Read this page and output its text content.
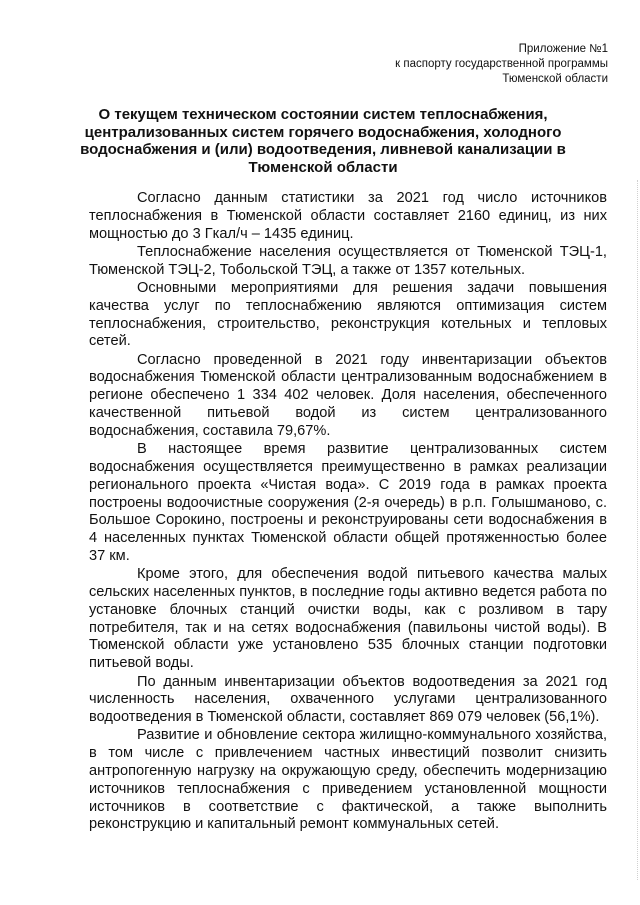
Приложение №1
к паспорту государственной программы
Тюменской области
О текущем техническом состоянии систем теплоснабжения, централизованных систем горячего водоснабжения, холодного водоснабжения и (или) водоотведения, ливневой канализации в Тюменской области

Согласно данным статистики за 2021 год число источников теплоснабжения в Тюменской области составляет 2160 единиц, из них мощностью до 3 Гкал/ч – 1435 единиц.

Теплоснабжение населения осуществляется от Тюменской ТЭЦ-1, Тюменской ТЭЦ-2, Тобольской ТЭЦ, а также от 1357 котельных.

Основными мероприятиями для решения задачи повышения качества услуг по теплоснабжению являются оптимизация систем теплоснабжения, строительство, реконструкция котельных и тепловых сетей.

Согласно проведенной в 2021 году инвентаризации объектов водоснабжения Тюменской области централизованным водоснабжением в регионе обеспечено 1 334 402 человек. Доля населения, обеспеченного качественной питьевой водой из систем централизованного водоснабжения, составила 79,67%.

В настоящее время развитие централизованных систем водоснабжения осуществляется преимущественно в рамках реализации регионального проекта «Чистая вода». С 2019 года в рамках проекта построены водоочистные сооружения (2-я очередь) в р.п. Голышманово, с. Большое Сорокино, построены и реконструированы сети водоснабжения в 4 населенных пунктах Тюменской области общей протяженностью более 37 км.

Кроме этого, для обеспечения водой питьевого качества малых сельских населенных пунктов, в последние годы активно ведется работа по установке блочных станций очистки воды, как с розливом в тару потребителя, так и на сетях водоснабжения (павильоны чистой воды). В Тюменской области уже установлено 535 блочных станции подготовки питьевой воды.

По данным инвентаризации объектов водоотведения за 2021 год численность населения, охваченного услугами централизованного водоотведения в Тюменской области, составляет 869 079 человек (56,1%).

Развитие и обновление сектора жилищно-коммунального хозяйства, в том числе с привлечением частных инвестиций позволит снизить антропогенную нагрузку на окружающую среду, обеспечить модернизацию источников теплоснабжения с приведением установленной мощности источников в соответствие с фактической, а также выполнить реконструкцию и капитальный ремонт коммунальных сетей.
